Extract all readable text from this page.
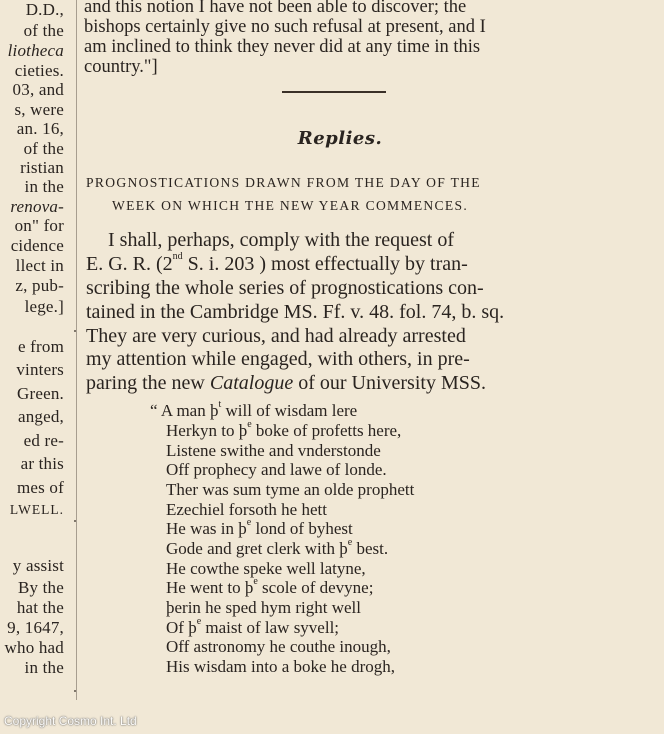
D.D.,
of the
liotheca
cieties.
03, and
s, were
an. 16,
of the
ristian
in the
renova-
on" for
cidence
llect in
z, pub-
lege.]
e from
vinters
Green.
anged,
ed re-
ar this
mes of
LWELL.
y assist
By the
hat the
9, 1647,
who had
in the
and this notion I have not been able to discover; the
bishops certainly give no such refusal at present, and I
am inclined to think they never did at any time in this
country."]
Replies.
PROGNOSTICATIONS DRAWN FROM THE DAY OF THE
WEEK ON WHICH THE NEW YEAR COMMENCES.
I shall, perhaps, comply with the request of
E. G. R. (2nd S. i. 203 ) most effectually by tran-
scribing the whole series of prognostications con-
tained in the Cambridge MS. Ff. v. 48. fol. 74, b. sq.
They are very curious, and had already arrested
my attention while engaged, with others, in pre-
paring the new Catalogue of our University MSS.
“ A man $þ^t$ will of wisdam lere
Herkyn to $þ^e$ boke of profetts here,
Listene swithe and vnderstonde
Off prophecy and lawe of londe.
Ther was sum tyme an olde prophett
Ezechiel forsoth he hett
He was in $þ^e$ lond of byhest
Gode and gret clerk with $þ^e$ best.
He cowthe speke well latyne,
He went to $þ^e$ scole of devyne;
þerin he sped hym right well
Of $þ^e$ maist of law syvell;
Off astronomy he couthe inough,
His wisdam into a boke he drogh,
Copyright Cosmo Int. Ltd
